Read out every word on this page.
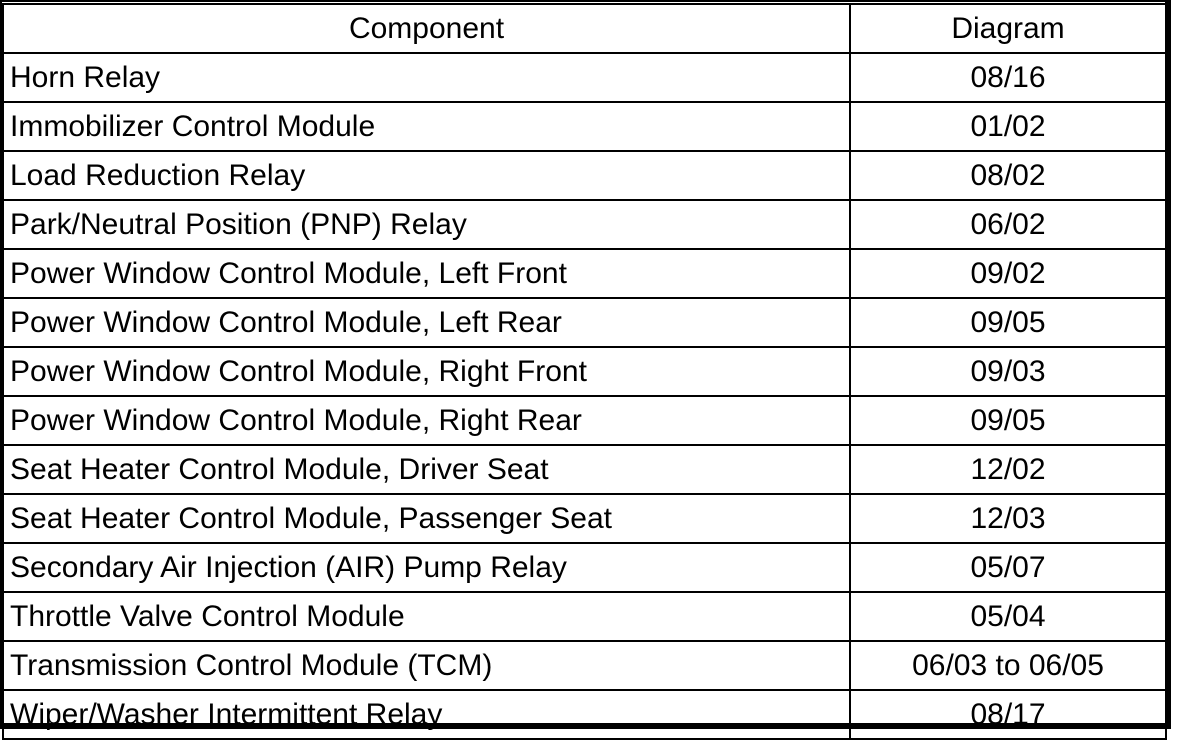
Component	Diagram
Horn Relay	08/16
Immobilizer Control Module	01/02
Load Reduction Relay	08/02
Park/Neutral Position (PNP) Relay	06/02
Power Window Control Module, Left Front	09/02
Power Window Control Module, Left Rear	09/05
Power Window Control Module, Right Front	09/03
Power Window Control Module, Right Rear	09/05
Seat Heater Control Module, Driver Seat	12/02
Seat Heater Control Module, Passenger Seat	12/03
Secondary Air Injection (AIR) Pump Relay	05/07
Throttle Valve Control Module	05/04
Transmission Control Module (TCM)	06/03 to 06/05
Wiper/Washer Intermittent Relay	08/17
